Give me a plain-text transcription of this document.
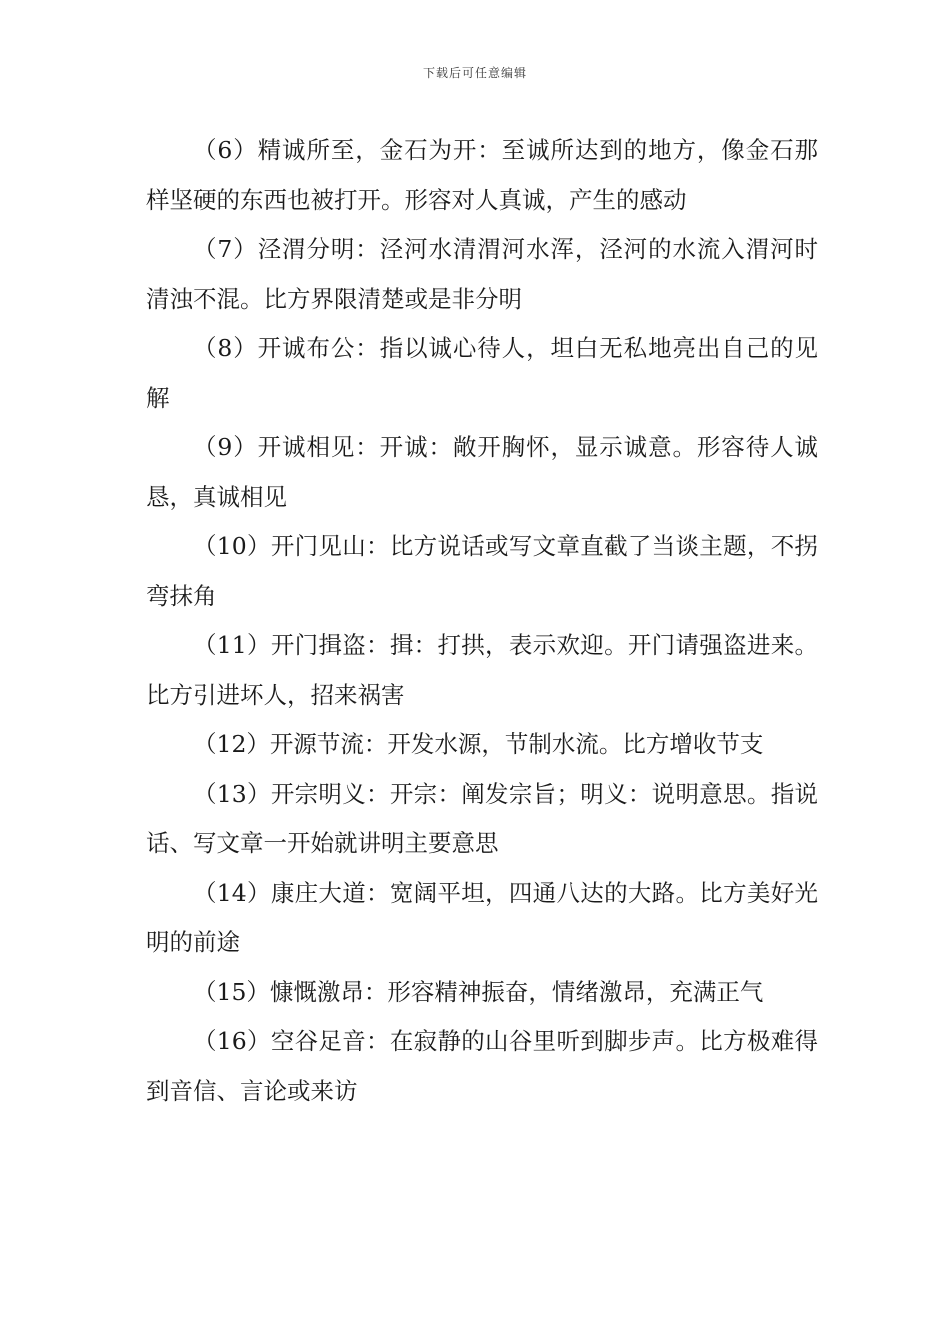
下载后可任意编辑

（6）精诚所至，金石为开：至诚所达到的地方，像金石那样坚硬的东西也被打开。形容对人真诚，产生的感动

（7）泾渭分明：泾河水清渭河水浑，泾河的水流入渭河时清浊不混。比方界限清楚或是非分明

（8）开诚布公：指以诚心待人，坦白无私地亮出自己的见解

（9）开诚相见：开诚：敞开胸怀，显示诚意。形容待人诚恳，真诚相见

（10）开门见山：比方说话或写文章直截了当谈主题，不拐弯抹角

（11）开门揖盗：揖：打拱，表示欢迎。开门请强盗进来。比方引进坏人，招来祸害

（12）开源节流：开发水源，节制水流。比方增收节支

（13）开宗明义：开宗：阐发宗旨；明义：说明意思。指说话、写文章一开始就讲明主要意思

（14）康庄大道：宽阔平坦，四通八达的大路。比方美好光明的前途

（15）慷慨激昂：形容精神振奋，情绪激昂，充满正气

（16）空谷足音：在寂静的山谷里听到脚步声。比方极难得到音信、言论或来访
